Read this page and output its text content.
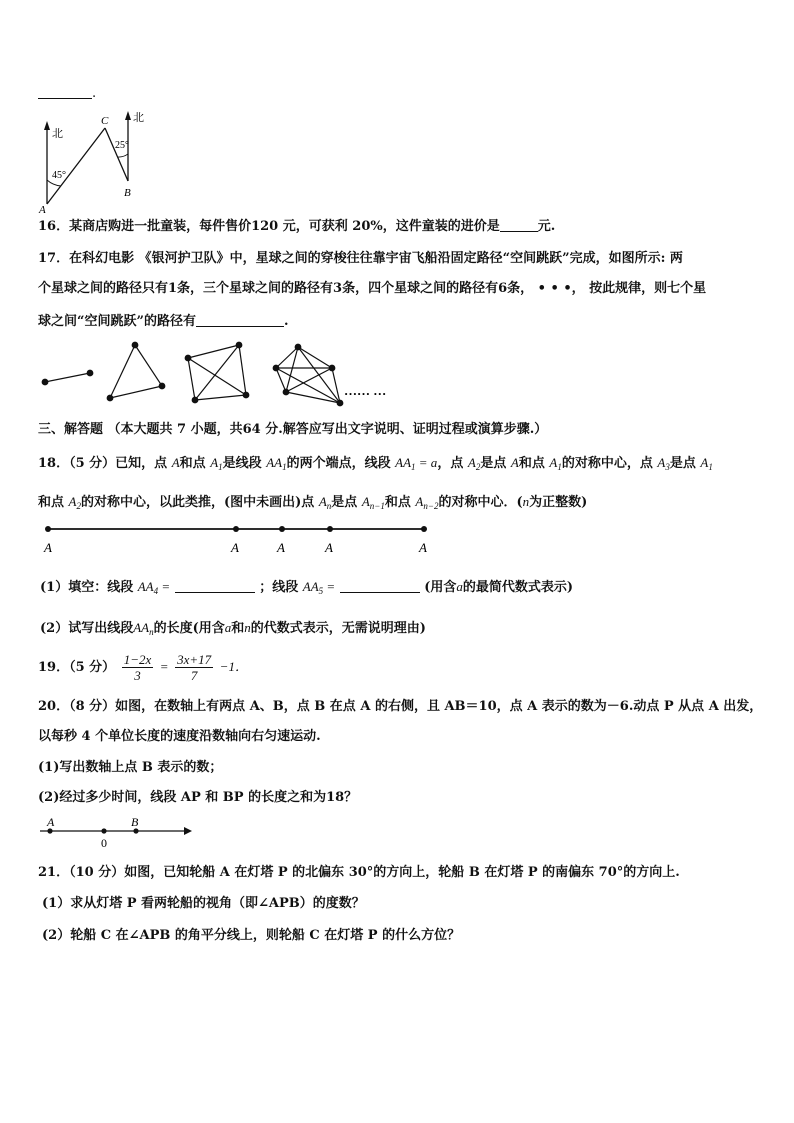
.
北
北
45°
25°
A
C
B
16．某商店购进一批童装，每件售价120 元，可获利 20%，这件童装的进价是	元.
17．在科幻电影 《银河护卫队》中，星球之间的穿梭往往靠宇宙飞船沿固定路径“空间跳跃”完成，如图所示: 两
个星球之间的路径只有1条，三个星球之间的路径有3条，四个星球之间的路径有6条， • • •， 按此规律，则七个星
球之间“空间跳跃”的路径有	.
…… …
三、解答题 （本大题共 7 小题，共64 分.解答应写出文字说明、证明过程或演算步骤.）
18．（5 分）已知，点 A和点 $A_1$是线段 $AA_1$的两个端点，线段 $AA_1 = a$，点 $A_2$是点 A和点 $A_1$的对称中心，点 $A_3$是点 $A_1$
和点 $A_2$的对称中心，以此类推，(图中未画出)点 $A_n$是点 $A_{n-1}$和点 $A_{n-2}$的对称中心．(n为正整数)
A	A	A	A	A
(1）填空：线段 $AA_4$ =	；线段 $AA_5$ =	(用含a的最简代数式表示)
(2）试写出线段$AA_n$的长度(用含a和n的代数式表示，无需说明理由)
19．（5 分） $\frac{1-2x}{3} = \frac{3x+17}{7} -1$．
20．（8 分）如图，在数轴上有两点 A、B，点 B 在点 A 的右侧，且 AB＝10，点 A 表示的数为－6.动点 P 从点 A 出发，
以每秒 4 个单位长度的速度沿数轴向右匀速运动.
(1)写出数轴上点 B 表示的数；
(2)经过多少时间，线段 AP 和 BP 的长度之和为18？
A	B
0
21．（10 分）如图，已知轮船 A 在灯塔 P 的北偏东 30°的方向上，轮船 B 在灯塔 P 的南偏东 70°的方向上.
(1）求从灯塔 P 看两轮船的视角（即∠APB）的度数？
(2）轮船 C 在∠APB 的角平分线上，则轮船 C 在灯塔 P 的什么方位？
